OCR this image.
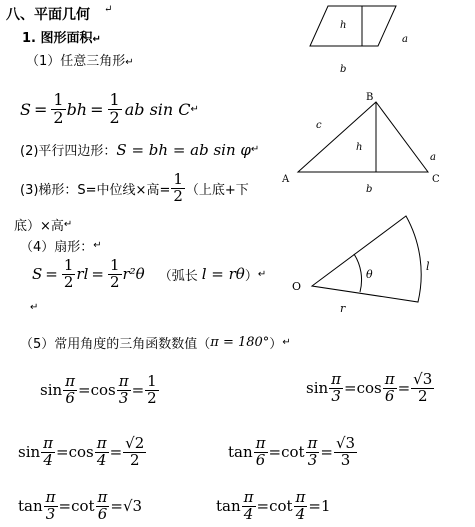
八、平面几何 ↵
1. 图形面积↵
（1）任意三角形↵
$S = \frac{1}{2}$ bh = $\frac{1}{2}$ ab sin C ↵
(2)平行四边形： S = bh = ab sin φ ↵
(3)梯形：S=中位线×高= $\frac{1}{2}$ （上底+下
底）×高 ↵
（4）扇形： ↵
$S = \frac{1}{2}$ rl = $\frac{1}{2} r^2\theta$ （弧长 l = rθ ） ↵
↵
（5）常用角度的三角函数数值（ π = 180° ） ↵
$\sin \frac{\pi}{6} = \cos \frac{\pi}{3} = \frac{1}{2}$	$\sin \frac{\pi}{3} = \cos \frac{\pi}{6} = \frac{√3}{2}$
$\sin \frac{\pi}{4} = \cos \frac{\pi}{4} = \frac{√2}{2}$	$\tan \frac{\pi}{6} = \cot \frac{\pi}{3} = \frac{√3}{3}$
$\tan \frac{\pi}{3} = \cot \frac{\pi}{6} = √3$	$\tan \frac{\pi}{4} = \cot \frac{\pi}{4} = 1$
h
a
b
B
A	C
c
h
a
b
O
θ
l
r
